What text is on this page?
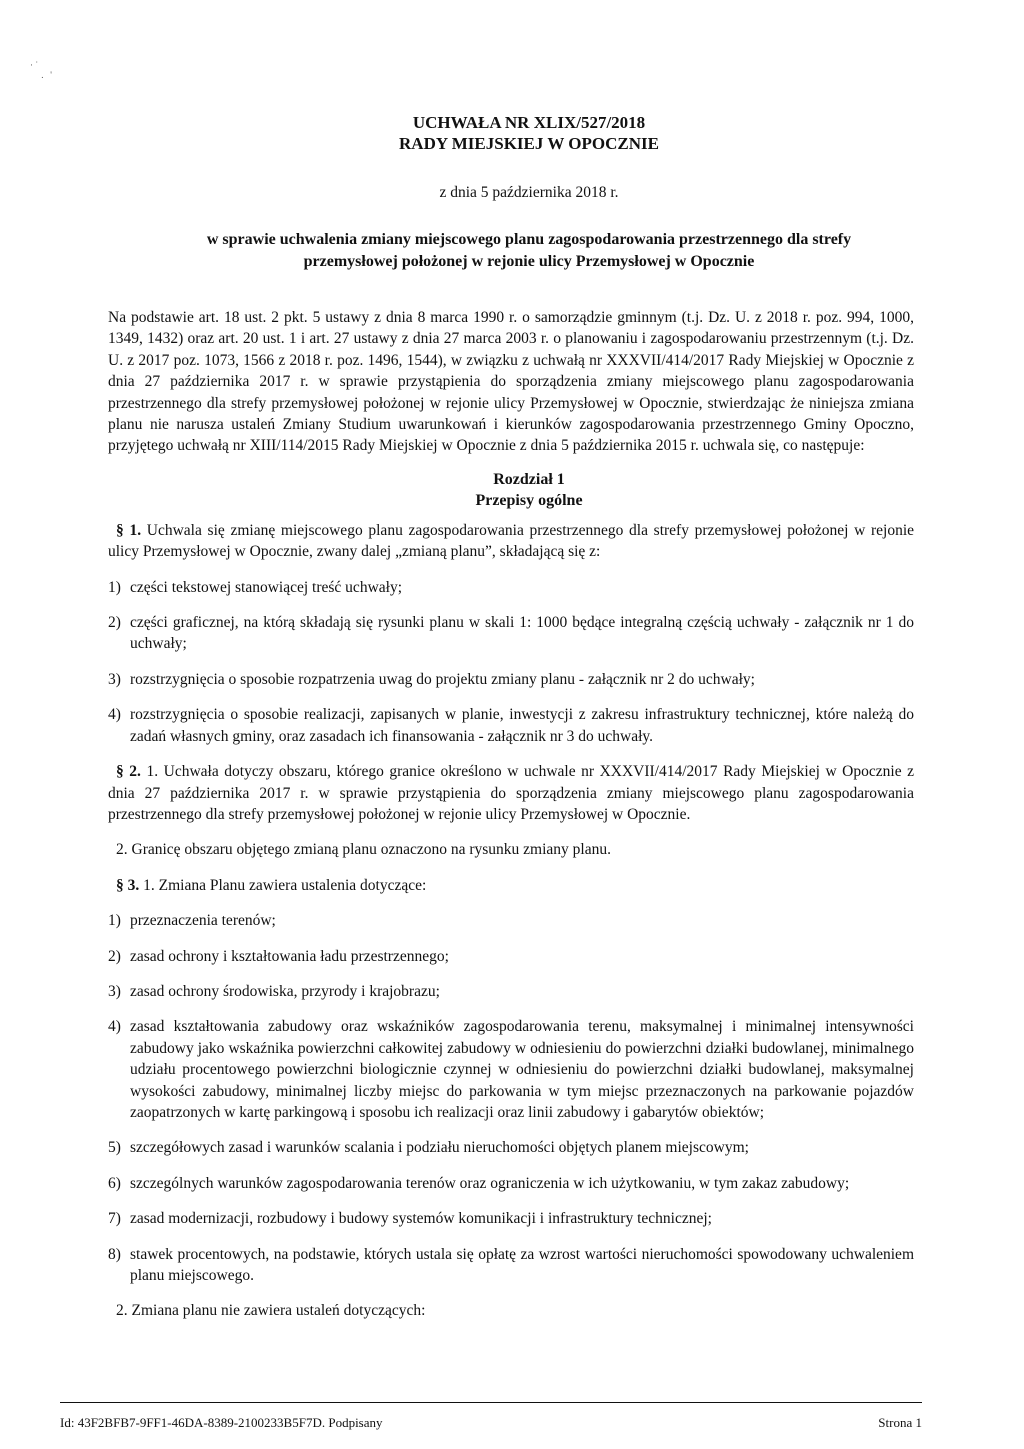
· ˙
.   '
UCHWAŁA NR XLIX/527/2018
RADY MIEJSKIEJ W OPOCZNIE
z dnia 5 października 2018 r.
w sprawie uchwalenia zmiany miejscowego planu zagospodarowania przestrzennego dla strefy
przemysłowej położonej w rejonie ulicy Przemysłowej w Opocznie
Na podstawie art. 18 ust. 2 pkt. 5 ustawy z dnia 8 marca 1990 r. o samorządzie gminnym (t.j. Dz. U. z 2018 r. poz. 994, 1000, 1349, 1432) oraz art. 20 ust. 1 i art. 27 ustawy z dnia 27 marca 2003 r. o planowaniu i zagospodarowaniu przestrzennym (t.j. Dz. U. z 2017 poz. 1073, 1566 z 2018 r. poz. 1496, 1544), w związku z uchwałą nr XXXVII/414/2017 Rady Miejskiej w Opocznie z dnia 27 października 2017 r. w sprawie przystąpienia do sporządzenia zmiany miejscowego planu zagospodarowania przestrzennego dla strefy przemysłowej położonej w rejonie ulicy Przemysłowej w Opocznie, stwierdzając że niniejsza zmiana planu nie narusza ustaleń Zmiany Studium uwarunkowań i kierunków zagospodarowania przestrzennego Gminy Opoczno, przyjętego uchwałą nr XIII/114/2015 Rady Miejskiej w Opocznie z dnia 5 października 2015 r. uchwala się, co następuje:
Rozdział 1
Przepisy ogólne
§ 1. Uchwala się zmianę miejscowego planu zagospodarowania przestrzennego dla strefy przemysłowej położonej w rejonie ulicy Przemysłowej w Opocznie, zwany dalej „zmianą planu”, składającą się z:
1) części tekstowej stanowiącej treść uchwały;
2) części graficznej, na którą składają się rysunki planu w skali 1: 1000 będące integralną częścią uchwały - załącznik nr 1 do uchwały;
3) rozstrzygnięcia o sposobie rozpatrzenia uwag do projektu zmiany planu - załącznik nr 2 do uchwały;
4) rozstrzygnięcia o sposobie realizacji, zapisanych w planie, inwestycji z zakresu infrastruktury technicznej, które należą do zadań własnych gminy, oraz zasadach ich finansowania - załącznik nr 3 do uchwały.
§ 2. 1. Uchwała dotyczy obszaru, którego granice określono w uchwale nr XXXVII/414/2017 Rady Miejskiej w Opocznie z dnia 27 października 2017 r. w sprawie przystąpienia do sporządzenia zmiany miejscowego planu zagospodarowania przestrzennego dla strefy przemysłowej położonej w rejonie ulicy Przemysłowej w Opocznie.
2. Granicę obszaru objętego zmianą planu oznaczono na rysunku zmiany planu.
§ 3. 1. Zmiana Planu zawiera ustalenia dotyczące:
1) przeznaczenia terenów;
2) zasad ochrony i kształtowania ładu przestrzennego;
3) zasad ochrony środowiska, przyrody i krajobrazu;
4) zasad kształtowania zabudowy oraz wskaźników zagospodarowania terenu, maksymalnej i minimalnej intensywności zabudowy jako wskaźnika powierzchni całkowitej zabudowy w odniesieniu do powierzchni działki budowlanej, minimalnego udziału procentowego powierzchni biologicznie czynnej w odniesieniu do powierzchni działki budowlanej, maksymalnej wysokości zabudowy, minimalnej liczby miejsc do parkowania w tym miejsc przeznaczonych na parkowanie pojazdów zaopatrzonych w kartę parkingową i sposobu ich realizacji oraz linii zabudowy i gabarytów obiektów;
5) szczegółowych zasad i warunków scalania i podziału nieruchomości objętych planem miejscowym;
6) szczególnych warunków zagospodarowania terenów oraz ograniczenia w ich użytkowaniu, w tym zakaz zabudowy;
7) zasad modernizacji, rozbudowy i budowy systemów komunikacji i infrastruktury technicznej;
8) stawek procentowych, na podstawie, których ustala się opłatę za wzrost wartości nieruchomości spowodowany uchwaleniem planu miejscowego.
2. Zmiana planu nie zawiera ustaleń dotyczących:
Id: 43F2BFB7-9FF1-46DA-8389-2100233B5F7D. Podpisany	Strona 1
